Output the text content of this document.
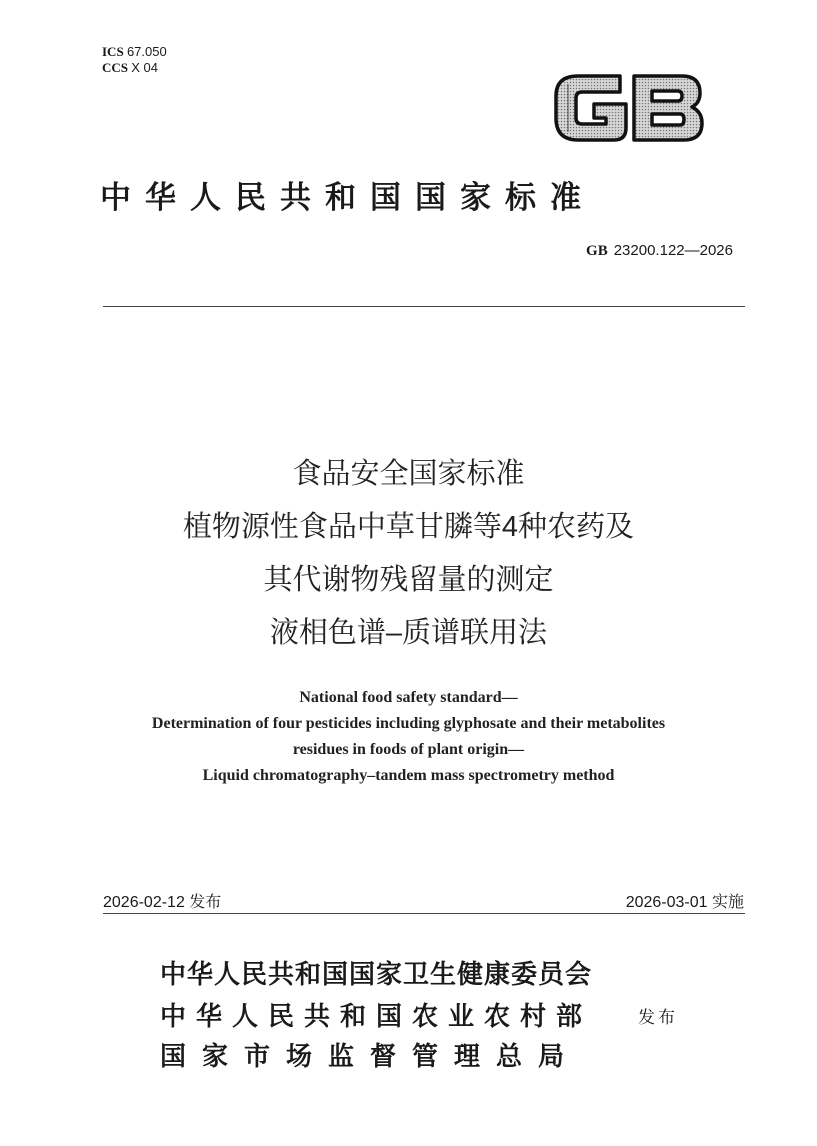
ICS 67.050
CCS X 04	GB
中华人民共和国国家标准
GB 23200.122—2026
食品安全国家标准
植物源性食品中草甘膦等4种农药及
其代谢物残留量的测定
液相色谱–质谱联用法
National food safety standard—
Determination of four pesticides including glyphosate and their metabolites
residues in foods of plant origin—
Liquid chromatography–tandem mass spectrometry method
2026-02-12 发布	2026-03-01 实施
中华人民共和国国家卫生健康委员会
中华人民共和国农业农村部
国家市场监督管理总局
发布
